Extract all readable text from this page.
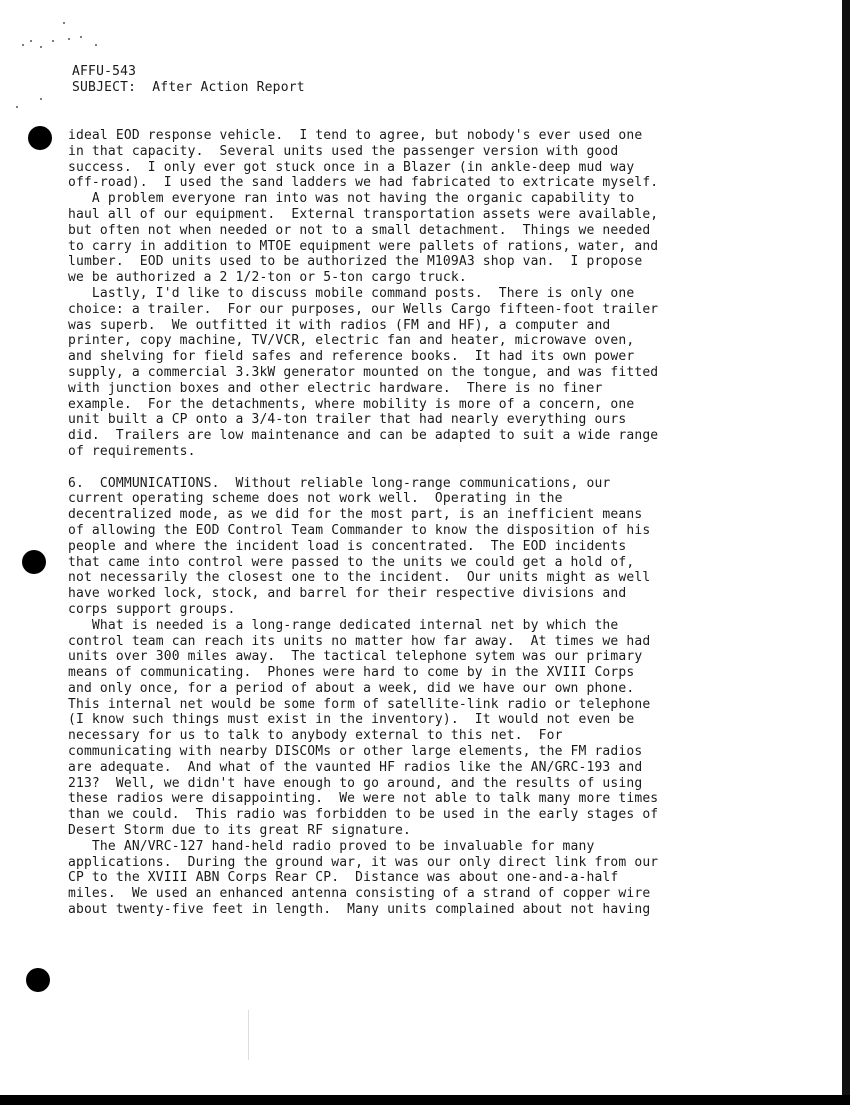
AFFU-543
SUBJECT: After Action Report
ideal EOD response vehicle.  I tend to agree, but nobody's ever used one
in that capacity.  Several units used the passenger version with good
success.  I only ever got stuck once in a Blazer (in ankle-deep mud way
off-road).  I used the sand ladders we had fabricated to extricate myself.
A problem everyone ran into was not having the organic capability to
haul all of our equipment.  External transportation assets were available,
but often not when needed or not to a small detachment.  Things we needed
to carry in addition to MTOE equipment were pallets of rations, water, and
lumber.  EOD units used to be authorized the M109A3 shop van.  I propose
we be authorized a 2 1/2-ton or 5-ton cargo truck.
Lastly, I'd like to discuss mobile command posts.  There is only one
choice: a trailer.  For our purposes, our Wells Cargo fifteen-foot trailer
was superb.  We outfitted it with radios (FM and HF), a computer and
printer, copy machine, TV/VCR, electric fan and heater, microwave oven,
and shelving for field safes and reference books.  It had its own power
supply, a commercial 3.3kW generator mounted on the tongue, and was fitted
with junction boxes and other electric hardware.  There is no finer
example.  For the detachments, where mobility is more of a concern, one
unit built a CP onto a 3/4-ton trailer that had nearly everything ours
did.  Trailers are low maintenance and can be adapted to suit a wide range
of requirements.
6.  COMMUNICATIONS.  Without reliable long-range communications, our
current operating scheme does not work well.  Operating in the
decentralized mode, as we did for the most part, is an inefficient means
of allowing the EOD Control Team Commander to know the disposition of his
people and where the incident load is concentrated.  The EOD incidents
that came into control were passed to the units we could get a hold of,
not necessarily the closest one to the incident.  Our units might as well
have worked lock, stock, and barrel for their respective divisions and
corps support groups.
What is needed is a long-range dedicated internal net by which the
control team can reach its units no matter how far away.  At times we had
units over 300 miles away.  The tactical telephone sytem was our primary
means of communicating.  Phones were hard to come by in the XVIII Corps
and only once, for a period of about a week, did we have our own phone.
This internal net would be some form of satellite-link radio or telephone
(I know such things must exist in the inventory).  It would not even be
necessary for us to talk to anybody external to this net.  For
communicating with nearby DISCOMs or other large elements, the FM radios
are adequate.  And what of the vaunted HF radios like the AN/GRC-193 and
213?  Well, we didn't have enough to go around, and the results of using
these radios were disappointing.  We were not able to talk many more times
than we could.  This radio was forbidden to be used in the early stages of
Desert Storm due to its great RF signature.
The AN/VRC-127 hand-held radio proved to be invaluable for many
applications.  During the ground war, it was our only direct link from our
CP to the XVIII ABN Corps Rear CP.  Distance was about one-and-a-half
miles.  We used an enhanced antenna consisting of a strand of copper wire
about twenty-five feet in length.  Many units complained about not having
